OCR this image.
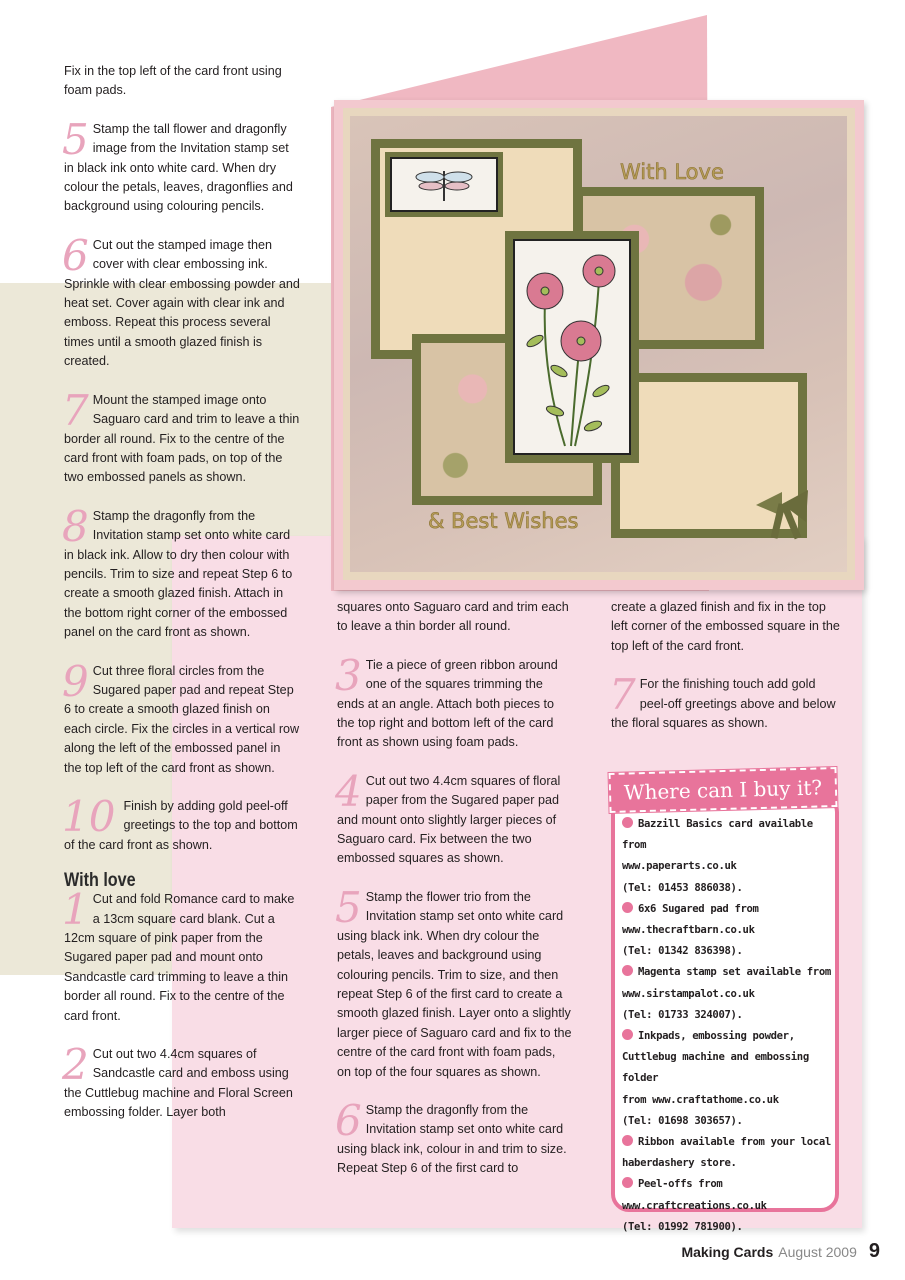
With Love
& Best Wishes

Fix in the top left of the card front using foam pads.

5 Stamp the tall flower and dragonfly image from the Invitation stamp set in black ink onto white card. When dry colour the petals, leaves, dragonflies and background using colouring pencils.

6 Cut out the stamped image then cover with clear embossing ink. Sprinkle with clear embossing powder and heat set. Cover again with clear ink and emboss. Repeat this process several times until a smooth glazed finish is created.

7 Mount the stamped image onto Saguaro card and trim to leave a thin border all round. Fix to the centre of the card front with foam pads, on top of the two embossed panels as shown.

8 Stamp the dragonfly from the Invitation stamp set onto white card in black ink. Allow to dry then colour with pencils. Trim to size and repeat Step 6 to create a smooth glazed finish. Attach in the bottom right corner of the embossed panel on the card front as shown.

9 Cut three floral circles from the Sugared paper pad and repeat Step 6 to create a smooth glazed finish on each circle. Fix the circles in a vertical row along the left of the embossed panel in the top left of the card front as shown.

10 Finish by adding gold peel-off greetings to the top and bottom of the card front as shown.

With love

1 Cut and fold Romance card to make a 13cm square card blank. Cut a 12cm square of pink paper from the Sugared paper pad and mount onto Sandcastle card trimming to leave a thin border all round. Fix to the centre of the card front.

2 Cut out two 4.4cm squares of Sandcastle card and emboss using the Cuttlebug machine and Floral Screen embossing folder. Layer both

squares onto Saguaro card and trim each to leave a thin border all round.

3 Tie a piece of green ribbon around one of the squares trimming the ends at an angle. Attach both pieces to the top right and bottom left of the card front as shown using foam pads.

4 Cut out two 4.4cm squares of floral paper from the Sugared paper pad and mount onto slightly larger pieces of Saguaro card. Fix between the two embossed squares as shown.

5 Stamp the flower trio from the Invitation stamp set onto white card using black ink. When dry colour the petals, leaves and background using colouring pencils. Trim to size, and then repeat Step 6 of the first card to create a smooth glazed finish. Layer onto a slightly larger piece of Saguaro card and fix to the centre of the card front with foam pads, on top of the four squares as shown.

6 Stamp the dragonfly from the Invitation stamp set onto white card using black ink, colour in and trim to size. Repeat Step 6 of the first card to

create a glazed finish and fix in the top left corner of the embossed square in the top left of the card front.

7 For the finishing touch add gold peel-off greetings above and below the floral squares as shown.

Where can I buy it?
Bazzill Basics card available from
www.paperarts.co.uk
(Tel: 01453 886038).
6x6 Sugared pad from
www.thecraftbarn.co.uk
(Tel: 01342 836398).
Magenta stamp set available from
www.sirstampalot.co.uk
(Tel: 01733 324007).
Inkpads, embossing powder,
Cuttlebug machine and embossing folder
from www.craftathome.co.uk
(Tel: 01698 303657).
Ribbon available from your local
haberdashery store.
Peel-offs from
www.craftcreations.co.uk
(Tel: 01992 781900).
Making Cards August 2009 9
